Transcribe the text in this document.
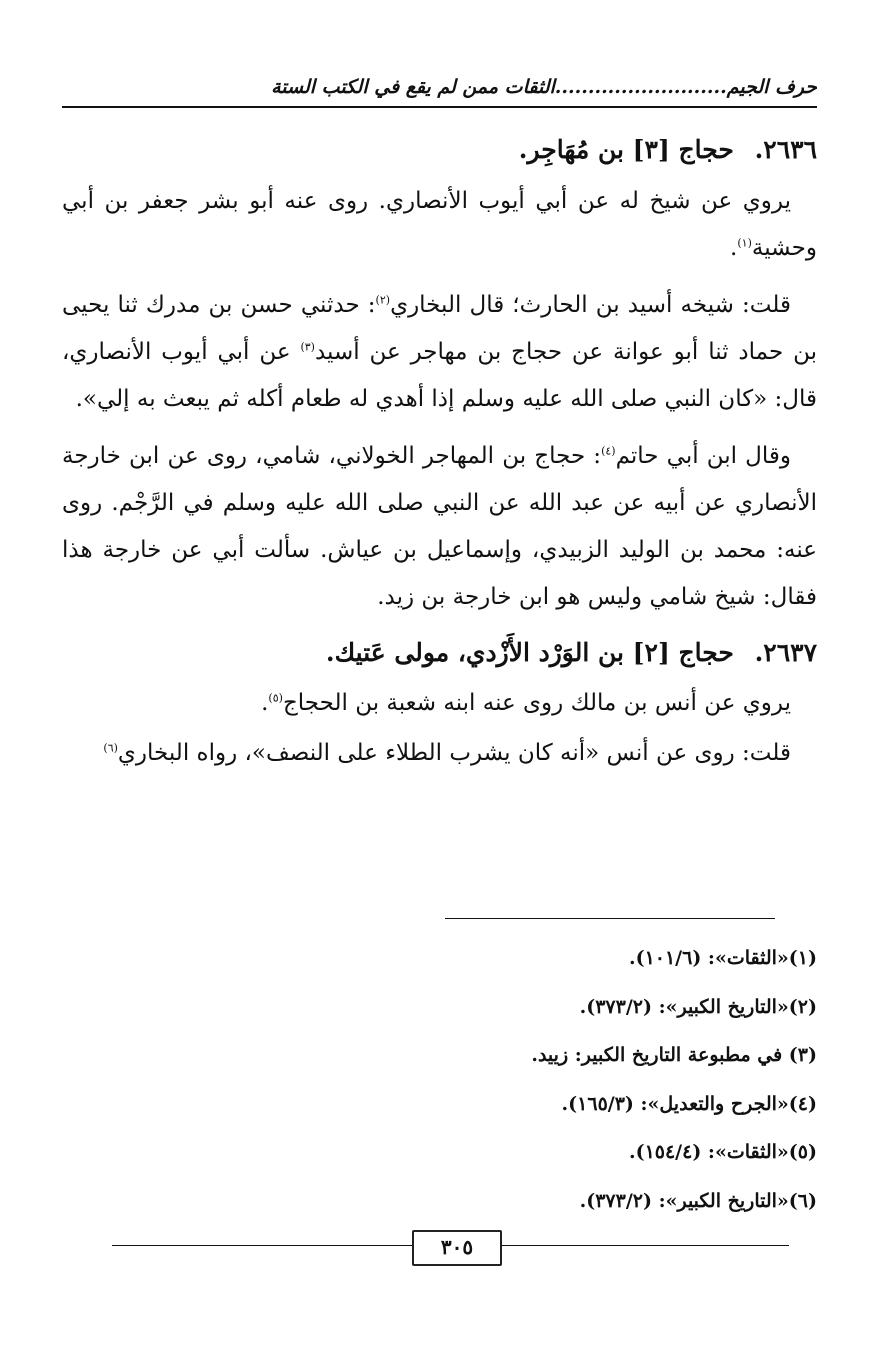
حرف الجيم..........................الثقات ممن لم يقع في الكتب الستة
٢٦٣٦. حجاج [٣] بن مُهَاجِر.

يروي عن شيخ له عن أبي أيوب الأنصاري. روى عنه أبو بشر جعفر بن أبي وحشية$^{(١)}$.

قلت: شيخه أسيد بن الحارث؛ قال البخاري$^{(٢)}$: حدثني حسن بن مدرك ثنا يحيى بن حماد ثنا أبو عوانة عن حجاج بن مهاجر عن أسيد$^{(٣)}$ عن أبي أيوب الأنصاري، قال: «كان النبي صلى الله عليه وسلم إذا أهدي له طعام أكله ثم يبعث به إلي».

وقال ابن أبي حاتم$^{(٤)}$: حجاج بن المهاجر الخولاني، شامي، روى عن ابن خارجة الأنصاري عن أبيه عن عبد الله عن النبي صلى الله عليه وسلم في الرَّجْم. روى عنه: محمد بن الوليد الزبيدي، وإسماعيل بن عياش. سألت أبي عن خارجة هذا فقال: شيخ شامي وليس هو ابن خارجة بن زيد.

٢٦٣٧. حجاج [٢] بن الوَرْد الأَزْدي، مولى عَتيك.

يروي عن أنس بن مالك روى عنه ابنه شعبة بن الحجاج$^{(٥)}$.

قلت: روى عن أنس «أنه كان يشرب الطلاء على النصف»، رواه البخاري$^{(٦)}$

(١)«الثقات»: (١٠١/٦).
(٢)«التاريخ الكبير»: (٣٧٣/٢).
(٣) في مطبوعة التاريخ الكبير: زييد.
(٤)«الجرح والتعديل»: (١٦٥/٣).
(٥)«الثقات»: (١٥٤/٤).
(٦)«التاريخ الكبير»: (٣٧٣/٢).
٣٠٥
